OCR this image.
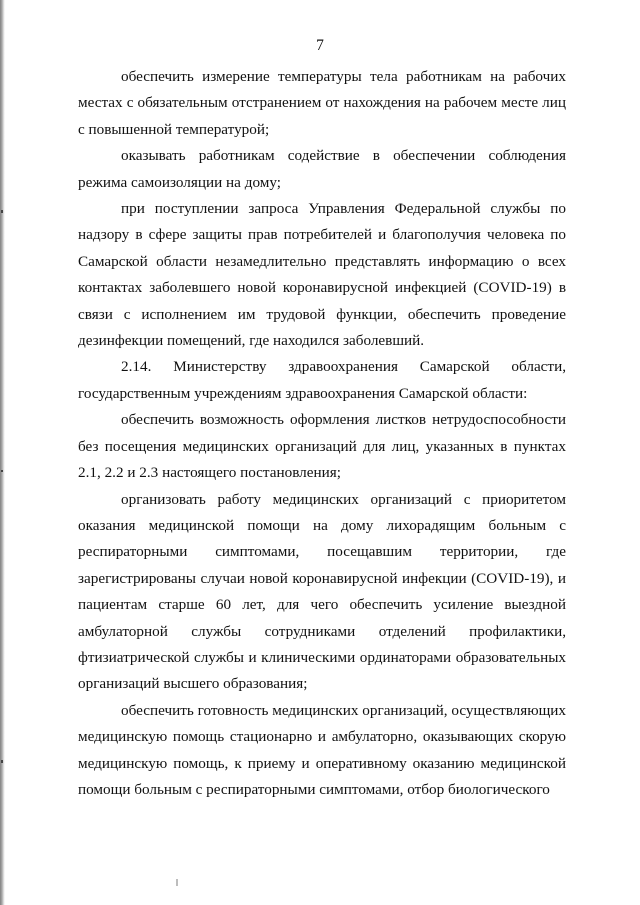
7

обеспечить измерение температуры тела работникам на рабочих местах с обязательным отстранением от нахождения на рабочем месте лиц с повышенной температурой;

оказывать работникам содействие в обеспечении соблюдения режима самоизоляции на дому;

при поступлении запроса Управления Федеральной службы по надзору в сфере защиты прав потребителей и благополучия человека по Самарской области незамедлительно представлять информацию о всех контактах заболевшего новой коронавирусной инфекцией (COVID-19) в связи с исполнением им трудовой функции, обеспечить проведение дезинфекции помещений, где находился заболевший.

2.14. Министерству здравоохранения Самарской области, государственным учреждениям здравоохранения Самарской области:

обеспечить возможность оформления листков нетрудоспособности без посещения медицинских организаций для лиц, указанных в пунктах 2.1, 2.2 и 2.3 настоящего постановления;

организовать работу медицинских организаций с приоритетом оказания медицинской помощи на дому лихорадящим больным с респираторными симптомами, посещавшим территории, где зарегистрированы случаи новой коронавирусной инфекции (COVID-19), и пациентам старше 60 лет, для чего обеспечить усиление выездной амбулаторной службы сотрудниками отделений профилактики, фтизиатрической службы и клиническими ординаторами образовательных организаций высшего образования;

обеспечить готовность медицинских организаций, осуществляющих медицинскую помощь стационарно и амбулаторно, оказывающих скорую медицинскую помощь, к приему и оперативному оказанию медицинской помощи больным с респираторными симптомами, отбор биологического
